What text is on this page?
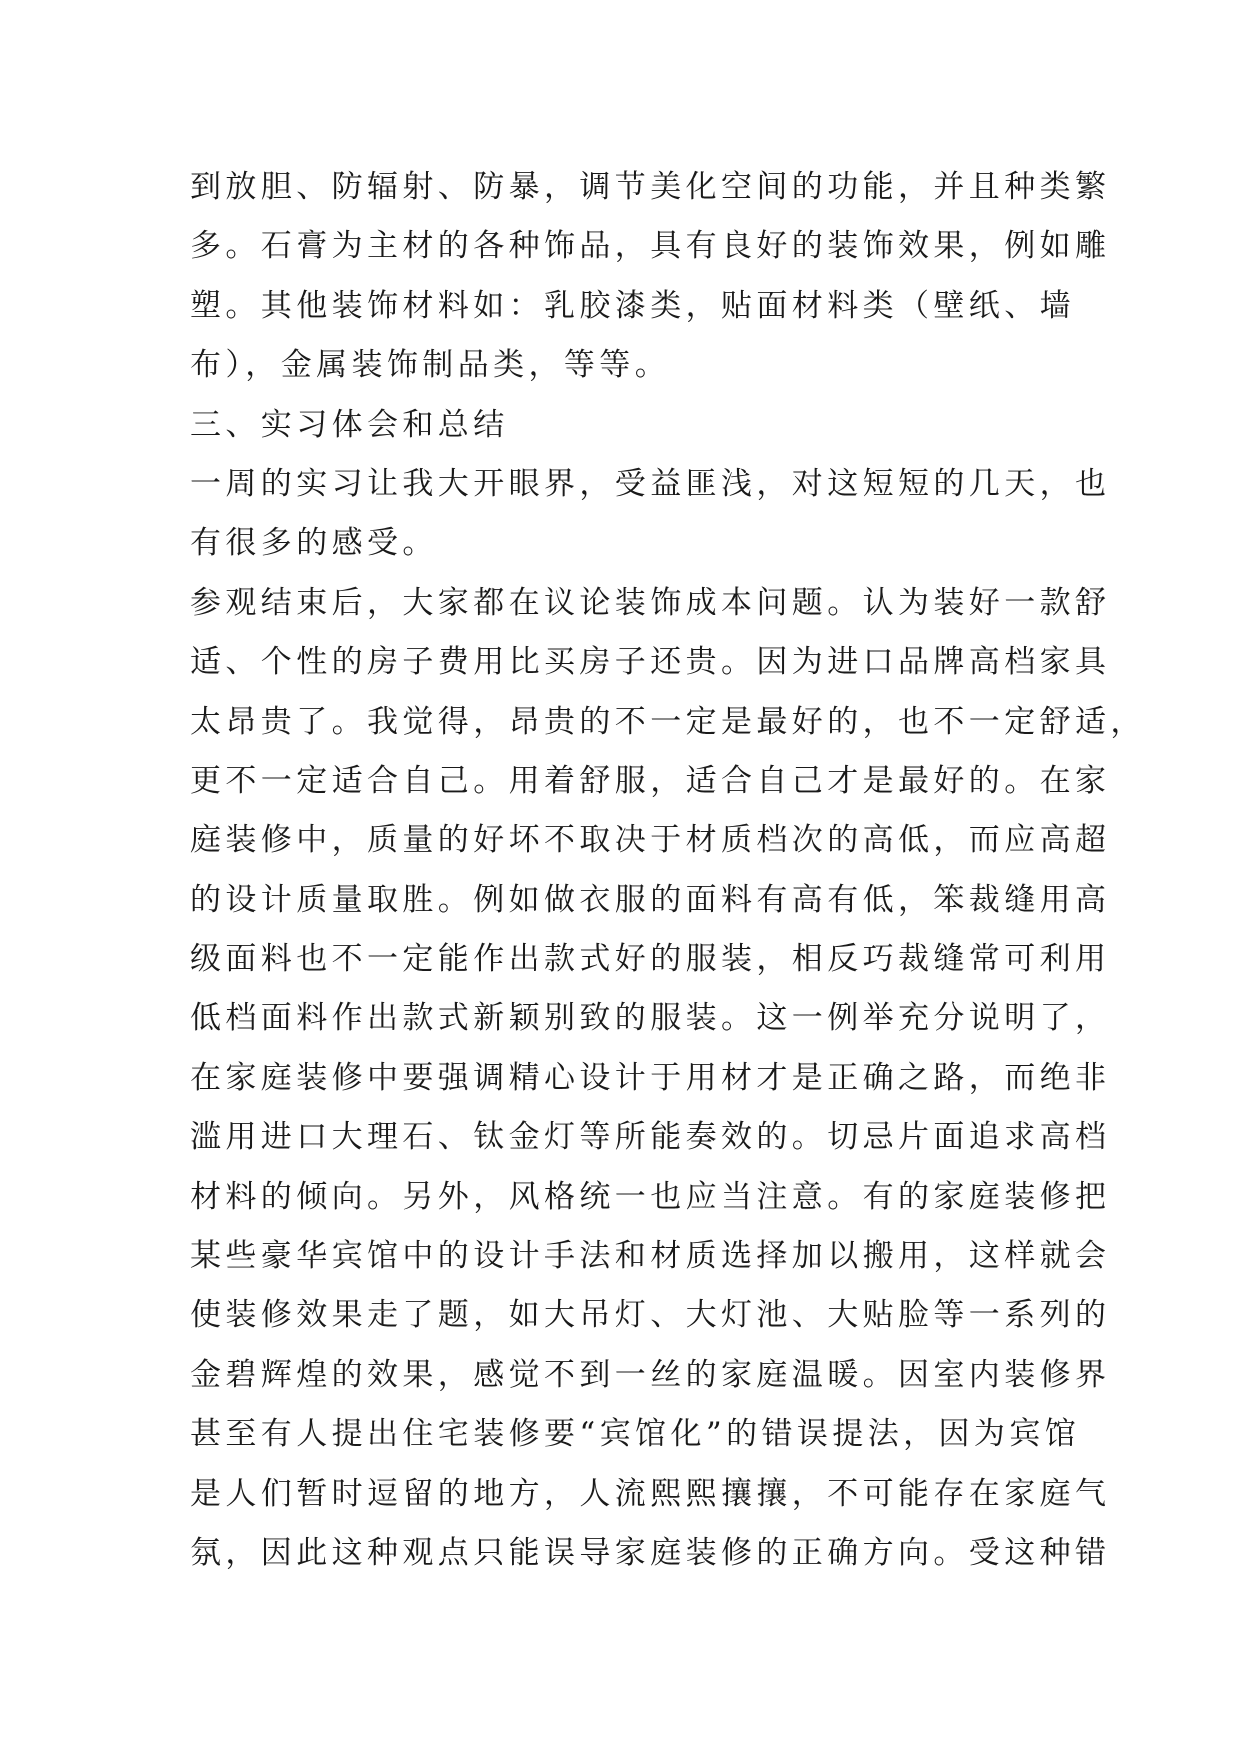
到放胆、防辐射、防暴，调节美化空间的功能，并且种类繁
多。石膏为主材的各种饰品，具有良好的装饰效果，例如雕
塑。其他装饰材料如：乳胶漆类，贴面材料类（壁纸、墙
布），金属装饰制品类，等等。
三、实习体会和总结
一周的实习让我大开眼界，受益匪浅，对这短短的几天，也
有很多的感受。
参观结束后，大家都在议论装饰成本问题。认为装好一款舒
适、个性的房子费用比买房子还贵。因为进口品牌高档家具
太昂贵了。我觉得，昂贵的不一定是最好的，也不一定舒适，
更不一定适合自己。用着舒服，适合自己才是最好的。在家
庭装修中，质量的好坏不取决于材质档次的高低，而应高超
的设计质量取胜。例如做衣服的面料有高有低，笨裁缝用高
级面料也不一定能作出款式好的服装，相反巧裁缝常可利用
低档面料作出款式新颖别致的服装。这一例举充分说明了，
在家庭装修中要强调精心设计于用材才是正确之路，而绝非
滥用进口大理石、钛金灯等所能奏效的。切忌片面追求高档
材料的倾向。另外，风格统一也应当注意。有的家庭装修把
某些豪华宾馆中的设计手法和材质选择加以搬用，这样就会
使装修效果走了题，如大吊灯、大灯池、大贴脸等一系列的
金碧辉煌的效果，感觉不到一丝的家庭温暖。因室内装修界
甚至有人提出住宅装修要“宾馆化”的错误提法，因为宾馆
是人们暂时逗留的地方，人流熙熙攘攘，不可能存在家庭气
氛，因此这种观点只能误导家庭装修的正确方向。受这种错
